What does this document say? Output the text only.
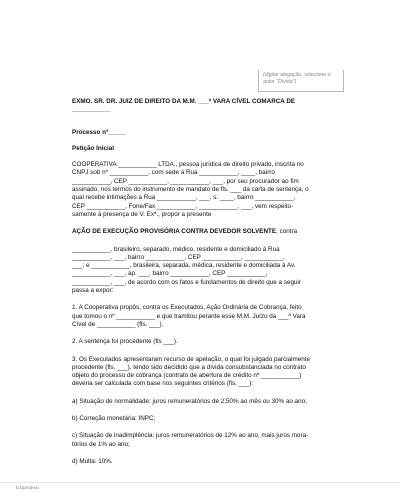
(digitar alegação, selecione o autor "Dívida")

EXMO. SR. DR. JUIZ DE DIREITO DA M.M. ___ª VARA CÍVEL COMARCA DE ___________

Processo nº_____

Petição Inicial

COOPERATIVA ___________ LTDA., pessoa jurídica de direito privado, inscrita no
CNPJ sob nº ___________, com sede à Rua ___________, ____, bairro
___________, CEP ___________, ___________, ___, por seu procurador ao fim
assinado, nos termos do instrumento de mandato de fls. ___ da carta de sentença, o
qual recebe intimações a Rua ___________, ___, s. ____, bairro ___________,
CEP ___________, Fone/Fax ___________, ___________, ___, vem respeito-
samente à presença de V. Exª., propor a presente

AÇÃO DE EXECUÇÃO PROVISÓRIA CONTRA DEVEDOR SOLVENTE, contra

___________, brasileiro, separado, médico, residente e domiciliado à Rua
___________, ___, bairro ___________, CEP ___________, ___________,
___; e ___________, brasileira, separada, médica, residente e domiciliada à Av.
___________, ___, ap. ___, bairro ___________, CEP ___________,
___________, ___, de acordo com os fatos e fundamentos de direito que a seguir
passa a expor:
1. A Cooperativa propôs, contra os Executados, Ação Ordinária de Cobrança, feito
que tomou o nº ___________ e que tramitou perante esse M.M. Juízo da ___ª Vara
Cível de ___________ (fls. ___).

2. A sentença foi procedente (fls ___).

3. Os Executados apresentaram recurso de apelação, o qual foi julgado parcialmente
procedente (fls. ___), tendo sido decidido que a dívida consubstanciada no contrato
objeto do processo de cobrança (contrato de abertura de crédito nº ___________)
deveria ser calculada com base nos seguintes critérios (fls. ___):

a) Situação de normalidade: juros remuneratórios de 2,50% ao mês ou 30% ao ano;

b) Correção monetária: INPC;

c) Situação de inadimplência: juros remuneratórios de 12% ao ano, mais juros mora-
tórios de 1% ao ano;

d) Multa: 10%.

Expandeal
